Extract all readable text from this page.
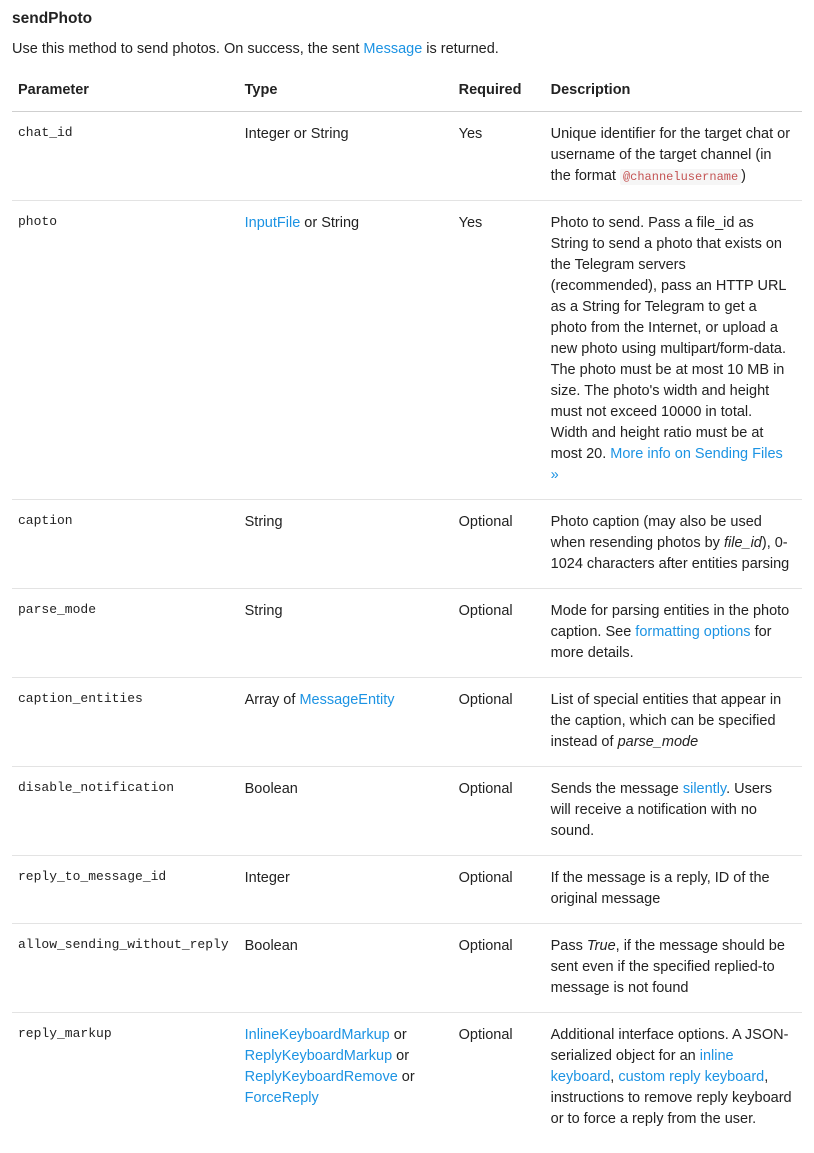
sendPhoto

Use this method to send photos. On success, the sent Message is returned.

Parameter	Type	Required	Description
chat_id	Integer or String	Yes	Unique identifier for the target chat or username of the target channel (in the format @channelusername )
photo	InputFile or String	Yes	Photo to send. Pass a file_id as String to send a photo that exists on the Telegram servers (recommended), pass an HTTP URL as a String for Telegram to get a photo from the Internet, or upload a new photo using multipart/form-data. The photo must be at most 10 MB in size. The photo's width and height must not exceed 10000 in total. Width and height ratio must be at most 20. More info on Sending Files »
caption	String	Optional	Photo caption (may also be used when resending photos by file_id), 0-1024 characters after entities parsing
parse_mode	String	Optional	Mode for parsing entities in the photo caption. See formatting options for more details.
caption_entities	Array of MessageEntity	Optional	List of special entities that appear in the caption, which can be specified instead of parse_mode
disable_notification	Boolean	Optional	Sends the message silently. Users will receive a notification with no sound.
reply_to_message_id	Integer	Optional	If the message is a reply, ID of the original message
allow_sending_without_reply	Boolean	Optional	Pass True, if the message should be sent even if the specified replied-to message is not found
reply_markup	InlineKeyboardMarkup or
ReplyKeyboardMarkup or
ReplyKeyboardRemove or
ForceReply	Optional	Additional interface options. A JSON-serialized object for an inline keyboard, custom reply keyboard, instructions to remove reply keyboard or to force a reply from the user.
